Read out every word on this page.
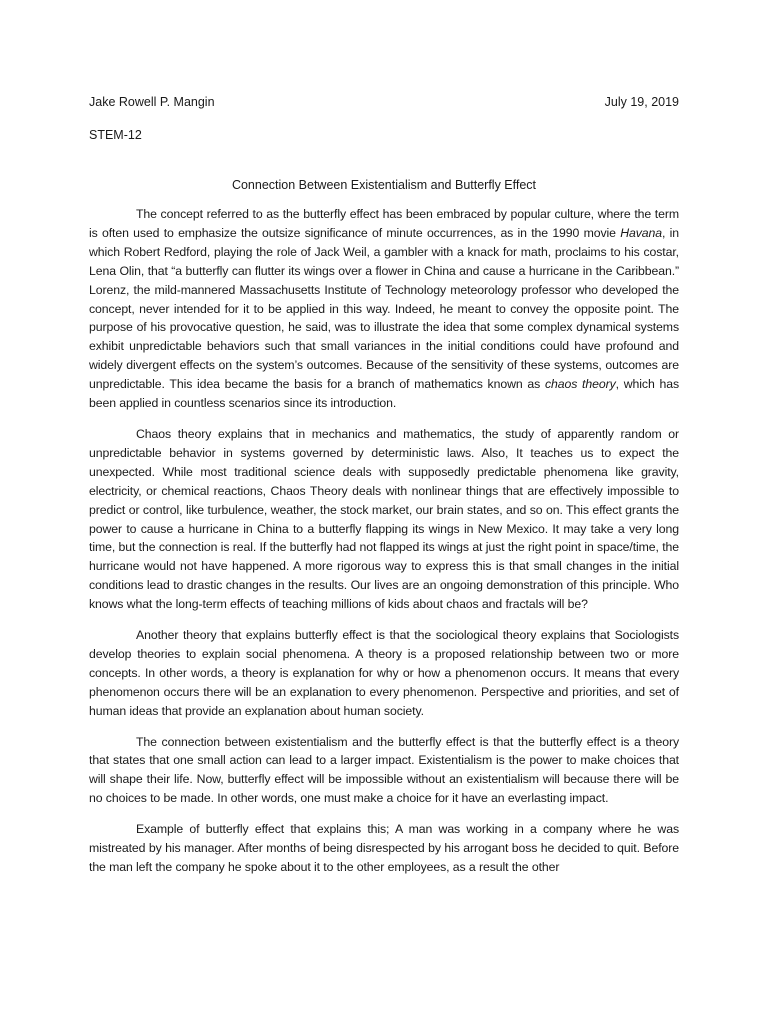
Jake Rowell P. Mangin	July 19, 2019
STEM-12
Connection Between Existentialism and Butterfly Effect

The concept referred to as the butterfly effect has been embraced by popular culture, where the term is often used to emphasize the outsize significance of minute occurrences, as in the 1990 movie Havana, in which Robert Redford, playing the role of Jack Weil, a gambler with a knack for math, proclaims to his costar, Lena Olin, that “a butterfly can flutter its wings over a flower in China and cause a hurricane in the Caribbean.” Lorenz, the mild-mannered Massachusetts Institute of Technology meteorology professor who developed the concept, never intended for it to be applied in this way. Indeed, he meant to convey the opposite point. The purpose of his provocative question, he said, was to illustrate the idea that some complex dynamical systems exhibit unpredictable behaviors such that small variances in the initial conditions could have profound and widely divergent effects on the system’s outcomes. Because of the sensitivity of these systems, outcomes are unpredictable. This idea became the basis for a branch of mathematics known as chaos theory, which has been applied in countless scenarios since its introduction.

Chaos theory explains that in mechanics and mathematics, the study of apparently random or unpredictable behavior in systems governed by deterministic laws. Also, It teaches us to expect the unexpected. While most traditional science deals with supposedly predictable phenomena like gravity, electricity, or chemical reactions, Chaos Theory deals with nonlinear things that are effectively impossible to predict or control, like turbulence, weather, the stock market, our brain states, and so on. This effect grants the power to cause a hurricane in China to a butterfly flapping its wings in New Mexico. It may take a very long time, but the connection is real. If the butterfly had not flapped its wings at just the right point in space/time, the hurricane would not have happened. A more rigorous way to express this is that small changes in the initial conditions lead to drastic changes in the results. Our lives are an ongoing demonstration of this principle. Who knows what the long-term effects of teaching millions of kids about chaos and fractals will be?

Another theory that explains butterfly effect is that the sociological theory explains that Sociologists develop theories to explain social phenomena. A theory is a proposed relationship between two or more concepts. In other words, a theory is explanation for why or how a phenomenon occurs. It means that every phenomenon occurs there will be an explanation to every phenomenon. Perspective and priorities, and set of human ideas that provide an explanation about human society.

The connection between existentialism and the butterfly effect is that the butterfly effect is a theory that states that one small action can lead to a larger impact. Existentialism is the power to make choices that will shape their life. Now, butterfly effect will be impossible without an existentialism will because there will be no choices to be made. In other words, one must make a choice for it have an everlasting impact.

Example of butterfly effect that explains this; A man was working in a company where he was mistreated by his manager. After months of being disrespected by his arrogant boss he decided to quit. Before the man left the company he spoke about it to the other employees, as a result the other
